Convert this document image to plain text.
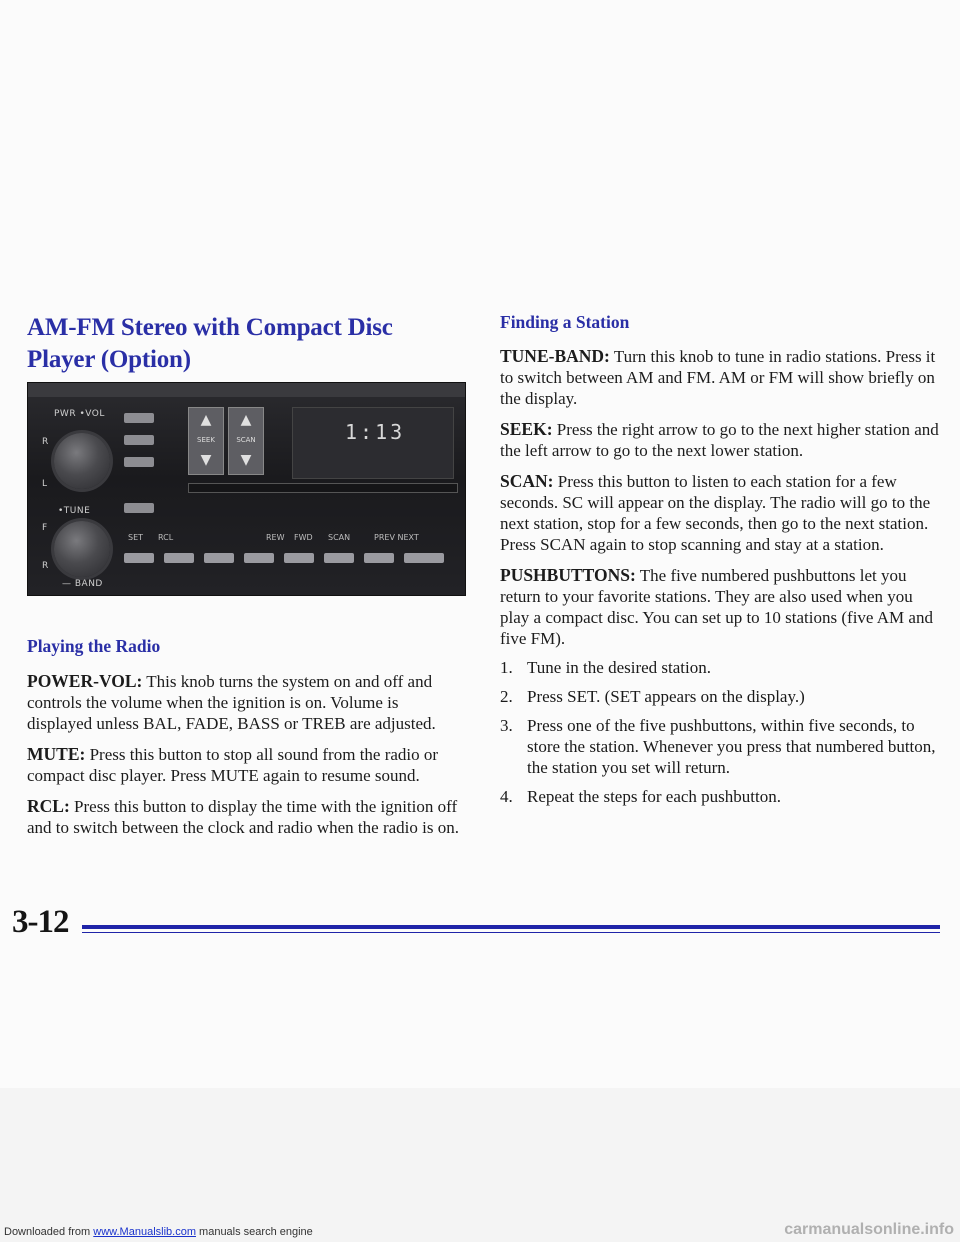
AM-FM Stereo with Compact Disc
Player (Option)
PWR •VOL
R
L
•TUNE
F
R
— BAND
▲
SEEK
▼
▲
SCAN
▼
1:13
SET RCL	REW FWD SCAN	PREV NEXT
Playing the Radio

POWER-VOL: This knob turns the system on and off and controls the volume when the ignition is on. Volume is displayed unless BAL, FADE, BASS or TREB are adjusted.

MUTE: Press this button to stop all sound from the radio or compact disc player. Press MUTE again to resume sound.

RCL: Press this button to display the time with the ignition off and to switch between the clock and radio when the radio is on.

Finding a Station

TUNE-BAND: Turn this knob to tune in radio stations. Press it to switch between AM and FM. AM or FM will show briefly on the display.

SEEK: Press the right arrow to go to the next higher station and the left arrow to go to the next lower station.

SCAN: Press this button to listen to each station for a few seconds. SC will appear on the display. The radio will go to the next station, stop for a few seconds, then go to the next station. Press SCAN again to stop scanning and stay at a station.

PUSHBUTTONS: The five numbered pushbuttons let you return to your favorite stations. They are also used when you play a compact disc. You can set up to 10 stations (five AM and five FM).

1. Tune in the desired station.
2. Press SET. (SET appears on the display.)
3. Press one of the five pushbuttons, within five seconds, to store the station. Whenever you press that numbered button, the station you set will return.
4. Repeat the steps for each pushbutton.
3-12
Downloaded from www.Manualslib.com manuals search engine	carmanualsonline.info
